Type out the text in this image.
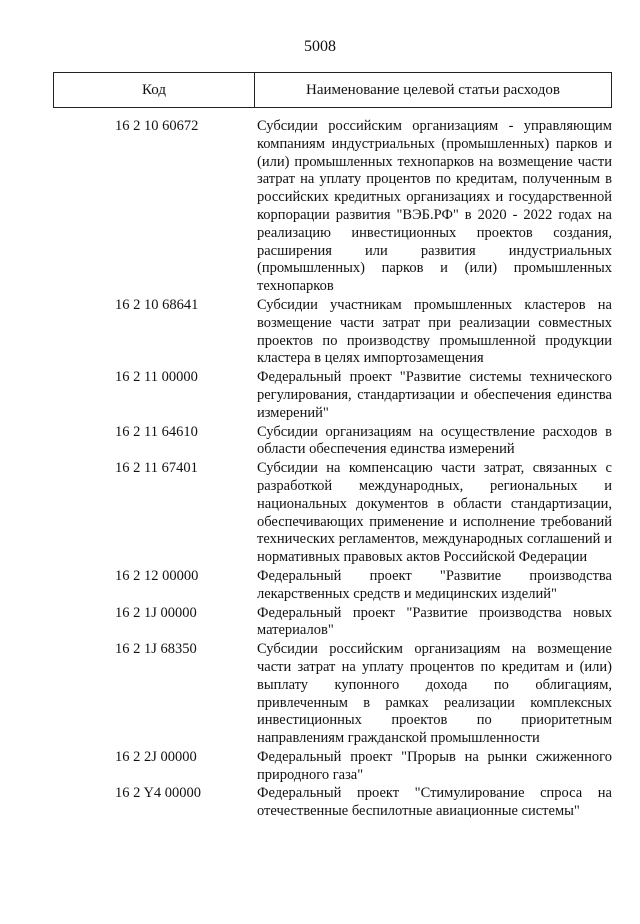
5008
Код	Наименование целевой статьи расходов
16 2 10 60672	Субсидии российским организациям - управляющим компаниям индустриальных (промышленных) парков и (или) промышленных технопарков на возмещение части затрат на уплату процентов по кредитам, полученным в российских кредитных организациях и государственной корпорации развития "ВЭБ.РФ" в 2020 - 2022 годах на реализацию инвестиционных проектов создания, расширения или развития индустриальных (промышленных) парков и (или) промышленных технопарков
16 2 10 68641	Субсидии участникам промышленных кластеров на возмещение части затрат при реализации совместных проектов по производству промышленной продукции кластера в целях импортозамещения
16 2 11 00000	Федеральный проект "Развитие системы технического регулирования, стандартизации и обеспечения единства измерений"
16 2 11 64610	Субсидии организациям на осуществление расходов в области обеспечения единства измерений
16 2 11 67401	Субсидии на компенсацию части затрат, связанных с разработкой международных, региональных и национальных документов в области стандартизации, обеспечивающих применение и исполнение требований технических регламентов, международных соглашений и нормативных правовых актов Российской Федерации
16 2 12 00000	Федеральный проект "Развитие производства лекарственных средств и медицинских изделий"
16 2 1J 00000	Федеральный проект "Развитие производства новых материалов"
16 2 1J 68350	Субсидии российским организациям на возмещение части затрат на уплату процентов по кредитам и (или) выплату купонного дохода по облигациям, привлеченным в рамках реализации комплексных инвестиционных проектов по приоритетным направлениям гражданской промышленности
16 2 2J 00000	Федеральный проект "Прорыв на рынки сжиженного природного газа"
16 2 Y4 00000	Федеральный проект "Стимулирование спроса на отечественные беспилотные авиационные системы"
